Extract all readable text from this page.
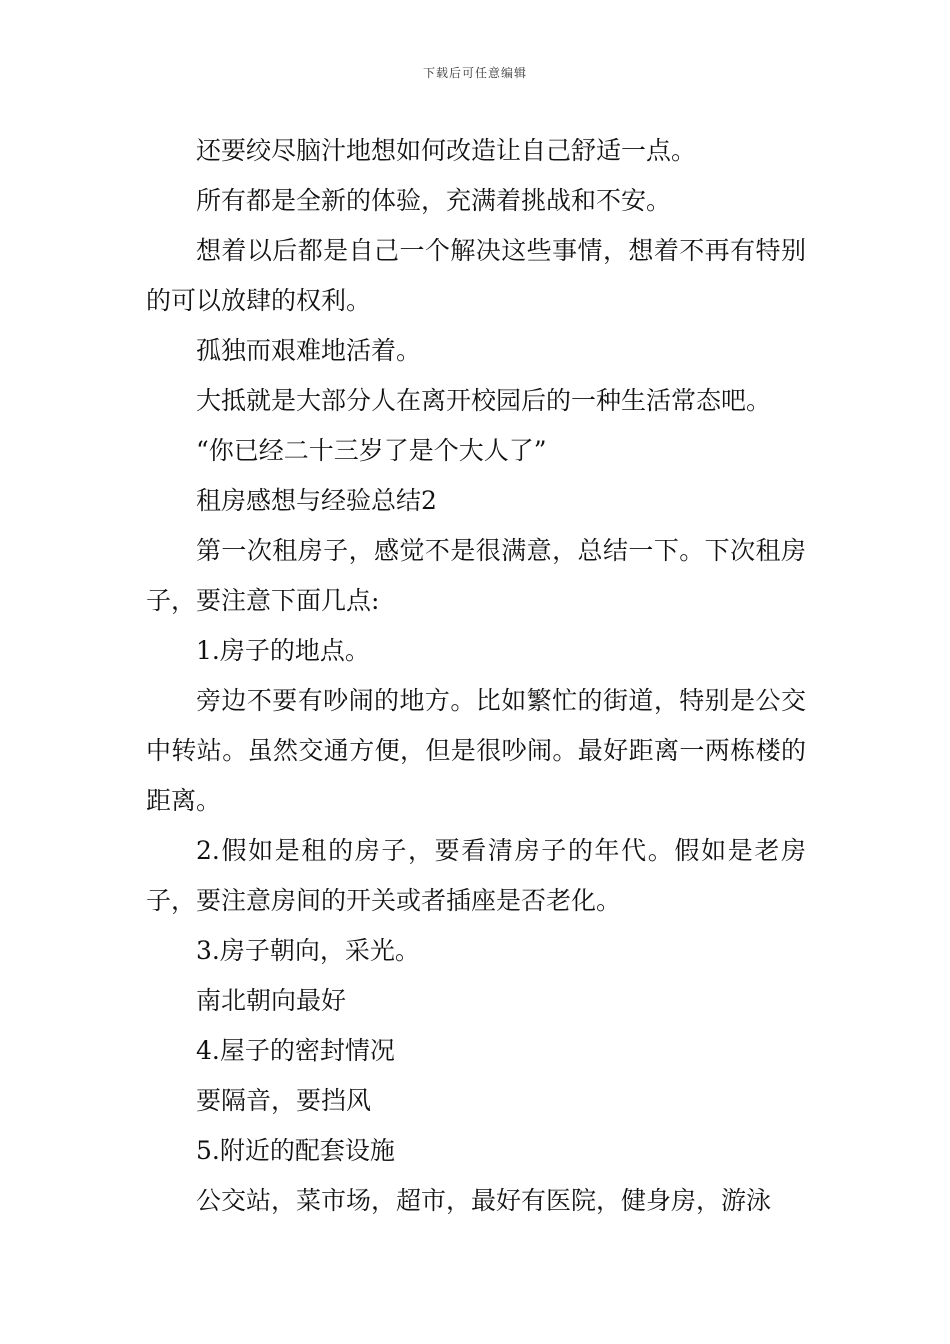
下载后可任意编辑

还要绞尽脑汁地想如何改造让自己舒适一点。

所有都是全新的体验，充满着挑战和不安。

想着以后都是自己一个解决这些事情，想着不再有特别的可以放肆的权利。

孤独而艰难地活着。

大抵就是大部分人在离开校园后的一种生活常态吧。

“你已经二十三岁了是个大人了”

租房感想与经验总结2

第一次租房子，感觉不是很满意，总结一下。下次租房子，要注意下面几点:

1.房子的地点。

旁边不要有吵闹的地方。比如繁忙的街道，特别是公交中转站。虽然交通方便，但是很吵闹。最好距离一两栋楼的距离。

2.假如是租的房子，要看清房子的年代。假如是老房子，要注意房间的开关或者插座是否老化。

3.房子朝向，采光。

南北朝向最好

4.屋子的密封情况

要隔音，要挡风

5.附近的配套设施

公交站，菜市场，超市，最好有医院，健身房，游泳
